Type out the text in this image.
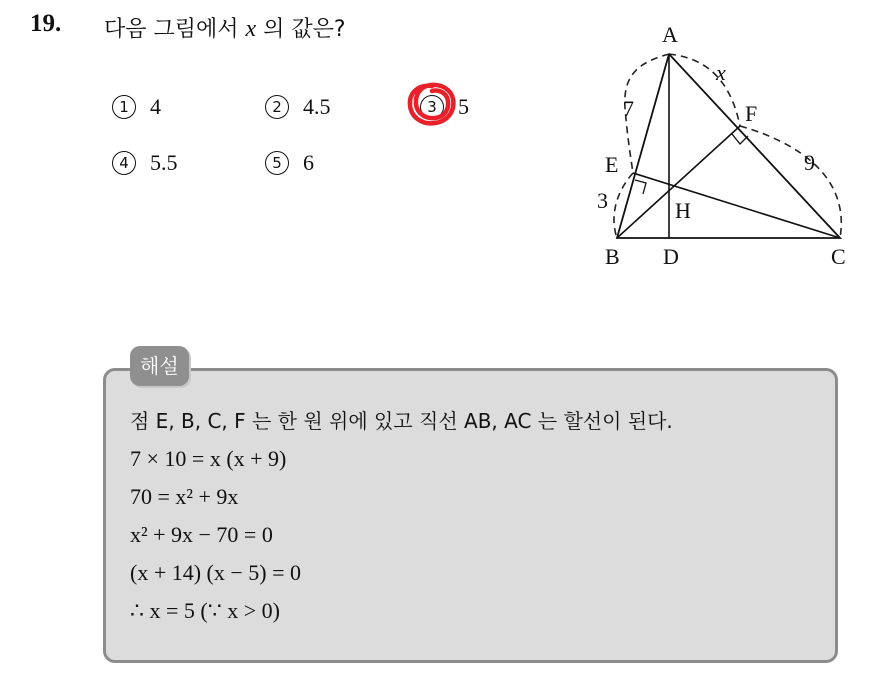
19. 다음 그림에서 x 의 값은?
1 4	2 4.5	3 5
4 5.5	5 6
A
B	C
D
E
F
H
7
3
x
9
해설
점 E, B, C, F 는 한 원 위에 있고 직선 AB, AC 는 할선이 된다.
7 × 10 = x (x + 9)
70 = x² + 9x
x² + 9x − 70 = 0
(x + 14) (x − 5) = 0
∴ x = 5 (∵ x > 0)
